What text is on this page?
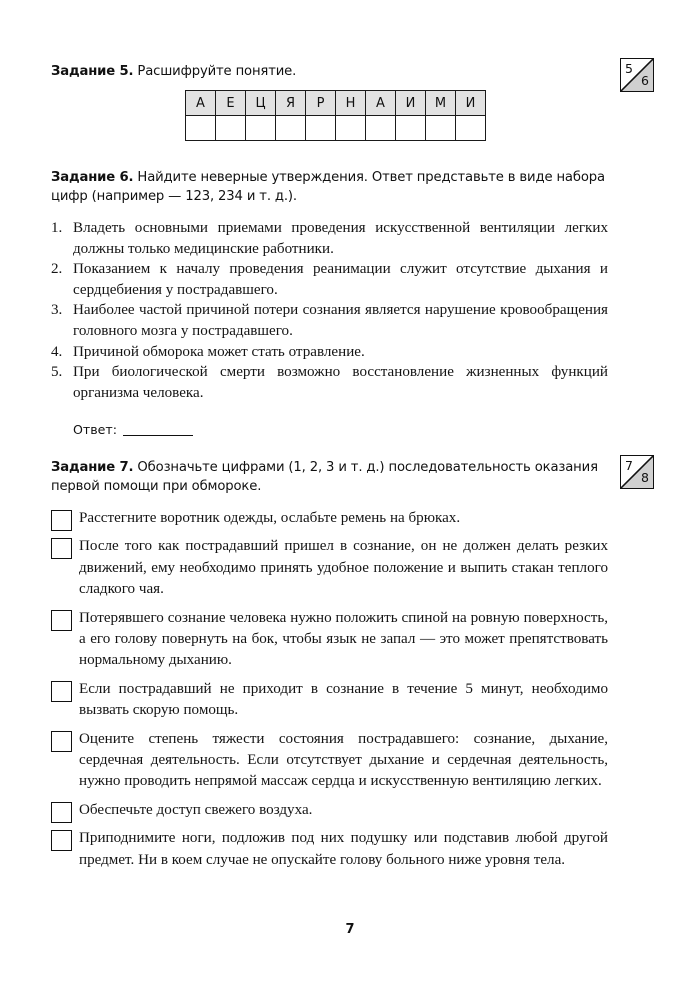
5
6
Задание 5. Расшифруйте понятие.
А	Е	Ц	Я	Р	Н	А	И	М	И

Задание 6. Найдите неверные утверждения. Ответ представьте в виде набора цифр (например — 123, 234 и т. д.).
1. Владеть основными приемами проведения искусственной вентиляции легких должны только медицинские работники.
2. Показанием к началу проведения реанимации служит отсутствие дыхания и сердцебиения у пострадавшего.
3. Наиболее частой причиной потери сознания является нарушение кровообращения головного мозга у пострадавшего.
4. Причиной обморока может стать отравление.
5. При биологической смерти возможно восстановление жизненных функций организма человека.
Ответ:
7
8
Задание 7. Обозначьте цифрами (1, 2, 3 и т. д.) последовательность оказания первой помощи при обмороке.
Расстегните воротник одежды, ослабьте ремень на брюках.
После того как пострадавший пришел в сознание, он не должен делать резких движений, ему необходимо принять удобное положение и выпить стакан теплого сладкого чая.
Потерявшего сознание человека нужно положить спиной на ровную поверхность, а его голову повернуть на бок, чтобы язык не запал — это может препятствовать нормальному дыханию.
Если пострадавший не приходит в сознание в течение 5 минут, необходимо вызвать скорую помощь.
Оцените степень тяжести состояния пострадавшего: сознание, дыхание, сердечная деятельность. Если отсутствует дыхание и сердечная деятельность, нужно проводить непрямой массаж сердца и искусственную вентиляцию легких.
Обеспечьте доступ свежего воздуха.
Приподнимите ноги, подложив под них подушку или подставив любой другой предмет. Ни в коем случае не опускайте голову больного ниже уровня тела.
7
